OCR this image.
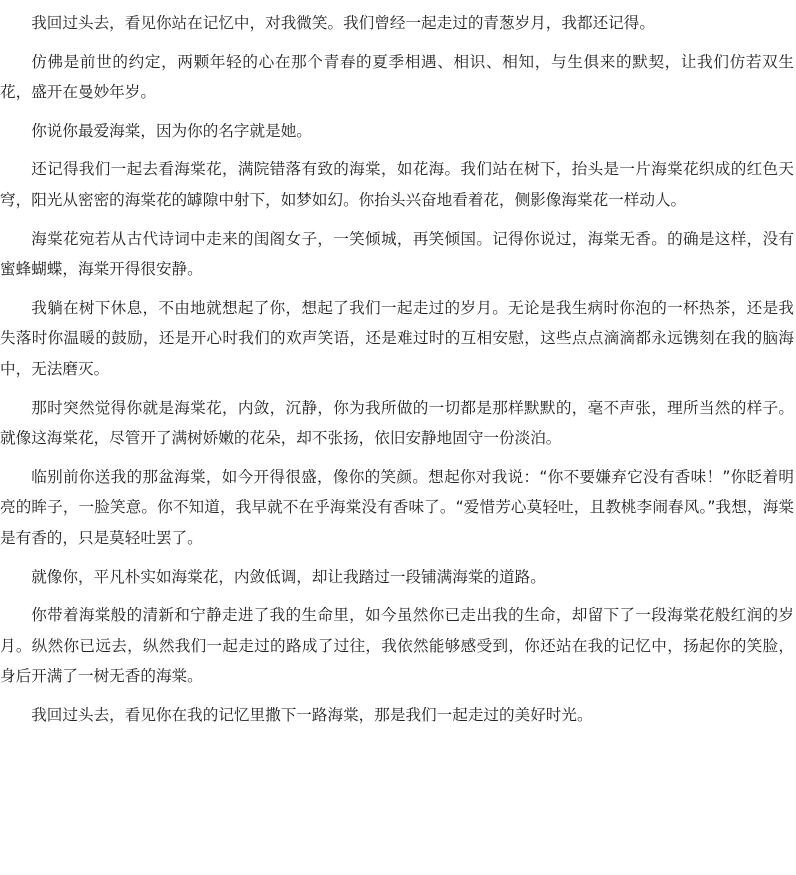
我回过头去，看见你站在记忆中，对我微笑。我们曾经一起走过的青葱岁月，我都还记得。

仿佛是前世的约定，两颗年轻的心在那个青春的夏季相遇、相识、相知，与生俱来的默契，让我们仿若双生花，盛开在曼妙年岁。

你说你最爱海棠，因为你的名字就是她。

还记得我们一起去看海棠花，满院错落有致的海棠，如花海。我们站在树下，抬头是一片海棠花织成的红色天穹，阳光从密密的海棠花的罅隙中射下，如梦如幻。你抬头兴奋地看着花，侧影像海棠花一样动人。

海棠花宛若从古代诗词中走来的闺阁女子，一笑倾城，再笑倾国。记得你说过，海棠无香。的确是这样，没有蜜蜂蝴蝶，海棠开得很安静。

我躺在树下休息，不由地就想起了你，想起了我们一起走过的岁月。无论是我生病时你泡的一杯热茶，还是我失落时你温暖的鼓励，还是开心时我们的欢声笑语，还是难过时的互相安慰，这些点点滴滴都永远镌刻在我的脑海中，无法磨灭。

那时突然觉得你就是海棠花，内敛，沉静，你为我所做的一切都是那样默默的，毫不声张，理所当然的样子。就像这海棠花，尽管开了满树娇嫩的花朵，却不张扬，依旧安静地固守一份淡泊。

临别前你送我的那盆海棠，如今开得很盛，像你的笑颜。想起你对我说：“你不要嫌弃它没有香味！”你眨着明亮的眸子，一脸笑意。你不知道，我早就不在乎海棠没有香味了。“爱惜芳心莫轻吐，且教桃李闹春风。”我想，海棠是有香的，只是莫轻吐罢了。

就像你，平凡朴实如海棠花，内敛低调，却让我踏过一段铺满海棠的道路。

你带着海棠般的清新和宁静走进了我的生命里，如今虽然你已走出我的生命，却留下了一段海棠花般红润的岁月。纵然你已远去，纵然我们一起走过的路成了过往，我依然能够感受到，你还站在我的记忆中，扬起你的笑脸，身后开满了一树无香的海棠。

我回过头去，看见你在我的记忆里撒下一路海棠，那是我们一起走过的美好时光。
